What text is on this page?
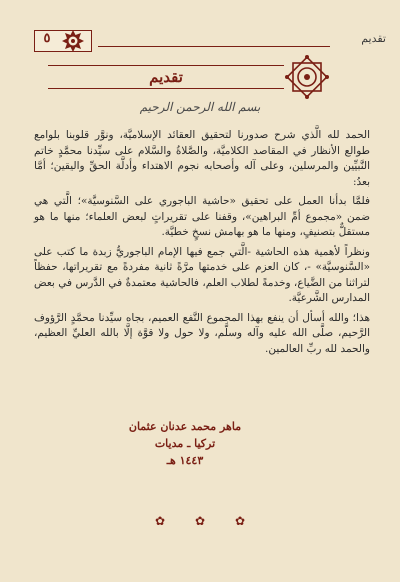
٥	تقديم
تقديم
بسم الله الرحمن الرحيم

الحمد لله الَّذي شرح صدورنا لتحقيق العقائد الإسلاميَّة، ونوَّر قلوبنا بلوامع طوالع الأنظار في المقاصد الكلاميَّة، والصَّلاةُ والسَّلام على سيِّدنا محمَّدٍ خاتم النَّبيِّين والمرسلين، وعلى آله وأصحابه نجوم الاهتداء وأدلَّة الحقِّ واليقين؛ أمَّا بعدُ:

فلمَّا بدأنا العمل على تحقيق «حاشية الباجوري على السَّنوسيَّة»؛ الَّتي هي ضمن «مجموع أمِّ البراهين»، وقفنا على تقريراتٍ لبعض العلماء؛ منها ما هو مستقلٌّ بتصنيفٍ، ومنها ما هو بهامش نسخٍ خطيَّة.

ونظراً لأهمية هذه الحاشية -الَّتي جمع فيها الإمام الباجوريُّ زبدة ما كتب على «السَّنوسيَّة» -، كان العزم على خدمتها مرَّةً ثانية مفردةً مع تقريراتها، حفظاً لتراثنا من الضَّياع، وخدمةً لطلاب العلم، فالحاشية معتمدةٌ في الدَّرس في بعض المدارس الشَّرعيَّة.

هذا؛ والله أسأل أن ينفع بهذا المجموع النَّفع العميم، بجاه سيِّدنا محمَّدٍ الرَّؤوف الرَّحيم، صلَّى الله عليه وآله وسلَّم، ولا حول ولا قوَّة إلَّا بالله العليِّ العظيم، والحمد لله ربِّ العالمين.

ماهر محمد عدنان عثمان
تركيا ـ مديات
١٤٤٣ هـ
✿ ✿ ✿
